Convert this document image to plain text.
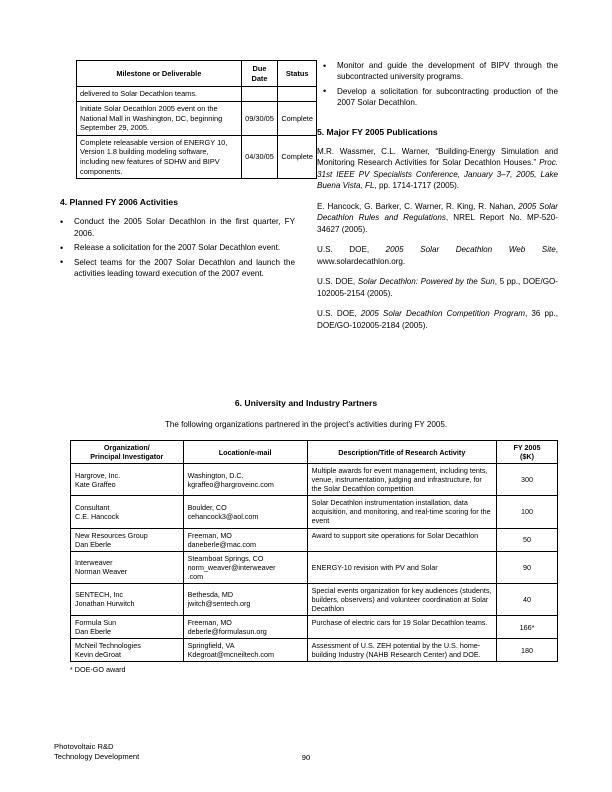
Milestone or Deliverable	Due Date	Status
delivered to Solar Decathlon teams.		
Initiate Solar Decathlon 2005 event on the National Mall in Washington, DC, beginning September 29, 2005.	09/30/05	Complete
Complete releasable version of ENERGY 10, Version 1.8 building modeling software, including new features of SDHW and BIPV components.	04/30/05	Complete
4. Planned FY 2006 Activities
• Conduct the 2005 Solar Decathlon in the first quarter, FY 2006.
• Release a solicitation for the 2007 Solar Decathlon event.
• Select teams for the 2007 Solar Decathlon and launch the activities leading toward execution of the 2007 event.
• Monitor and guide the development of BIPV through the subcontracted university programs.
• Develop a solicitation for subcontracting production of the 2007 Solar Decathlon.
5. Major FY 2005 Publications

M.R. Wassmer, C.L. Warner, “Building-Energy Simulation and Monitoring Research Activities for Solar Decathlon Houses.” Proc. 31st IEEE PV Specialists Conference, January 3–7, 2005, Lake Buena Vista, FL, pp. 1714-1717 (2005).

E. Hancock, G. Barker, C. Warner, R. King, R. Nahan, 2005 Solar Decathlon Rules and Regulations, NREL Report No. MP-520-34627 (2005).

U.S. DOE, 2005 Solar Decathlon Web Site, www.solardecathlon.org.

U.S. DOE, Solar Decathlon: Powered by the Sun, 5 pp., DOE/GO-102005-2154 (2005).

U.S. DOE, 2005 Solar Decathlon Competition Program, 36 pp., DOE/GO-102005-2184 (2005).

6. University and Industry Partners
The following organizations partnered in the project’s activities during FY 2005.
Organization/
Principal Investigator	Location/e-mail	Description/Title of Research Activity	FY 2005
($K)
Hargrove, Inc.
Kate Graffeo	Washington, D.C.
kgraffeo@hargroveinc.com	Multiple awards for event management, including tents, venue, instrumentation, judging and infrastructure, for the Solar Decathlon competition	300
Consultant
C.E. Hancock	Boulder, CO
cehancock3@aol.com	Solar Decathlon instrumentation installation, data acquisition, and monitoring, and real-time scoring for the event	100
New Resources Group
Dan Eberle	Freeman, MO
daneberle@mac.com	Award to support site operations for Solar Decathlon	50
Interweaver
Norman Weaver	Steamboat Springs, CO
norm_weaver@interweaver
.com	ENERGY-10 revision with PV and Solar	90
SENTECH, Inc
Jonathan Hurwitch	Bethesda, MD
jwitch@sentech.org	Special events organization for key audiences (students, builders, observers) and volunteer coordination at Solar Decathlon	40
Formula Sun
Dan Eberle	Freeman, MO
deberle@formulasun.org	Purchase of electric cars for 19 Solar Decathlon teams.	166*
McNeil Technologies
Kevin deGroat	Springfield, VA
Kdegroat@mcneiltech.com	Assessment of U.S. ZEH potential by the U.S. home-building Industry (NAHB Research Center) and DOE.	180
* DOE-GO award
Photovoltaic R&D
Technology Development	90
